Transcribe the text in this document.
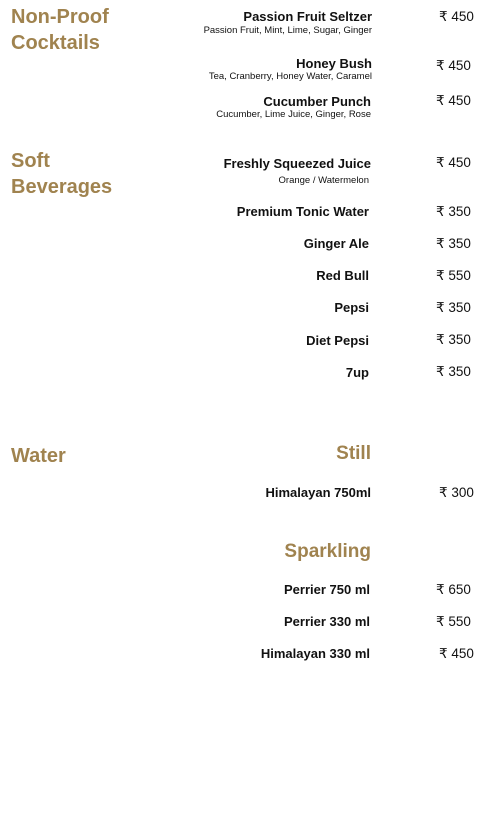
Non-Proof
Cocktails
Passion Fruit Seltzer
Passion Fruit, Mint, Lime, Sugar, Ginger
₹ 450
Honey Bush
Tea, Cranberry, Honey Water, Caramel
₹ 450
Cucumber Punch
Cucumber, Lime Juice, Ginger, Rose
₹ 450
Soft
Beverages
Freshly Squeezed Juice
Orange / Watermelon
₹ 450
Premium Tonic Water	₹ 350
Ginger Ale	₹ 350
Red Bull	₹ 550
Pepsi	₹ 350
Diet Pepsi	₹ 350
7up	₹ 350
Water	Still
Himalayan 750ml	₹ 300
Sparkling
Perrier 750 ml	₹ 650
Perrier 330 ml	₹ 550
Himalayan 330 ml	₹ 450
